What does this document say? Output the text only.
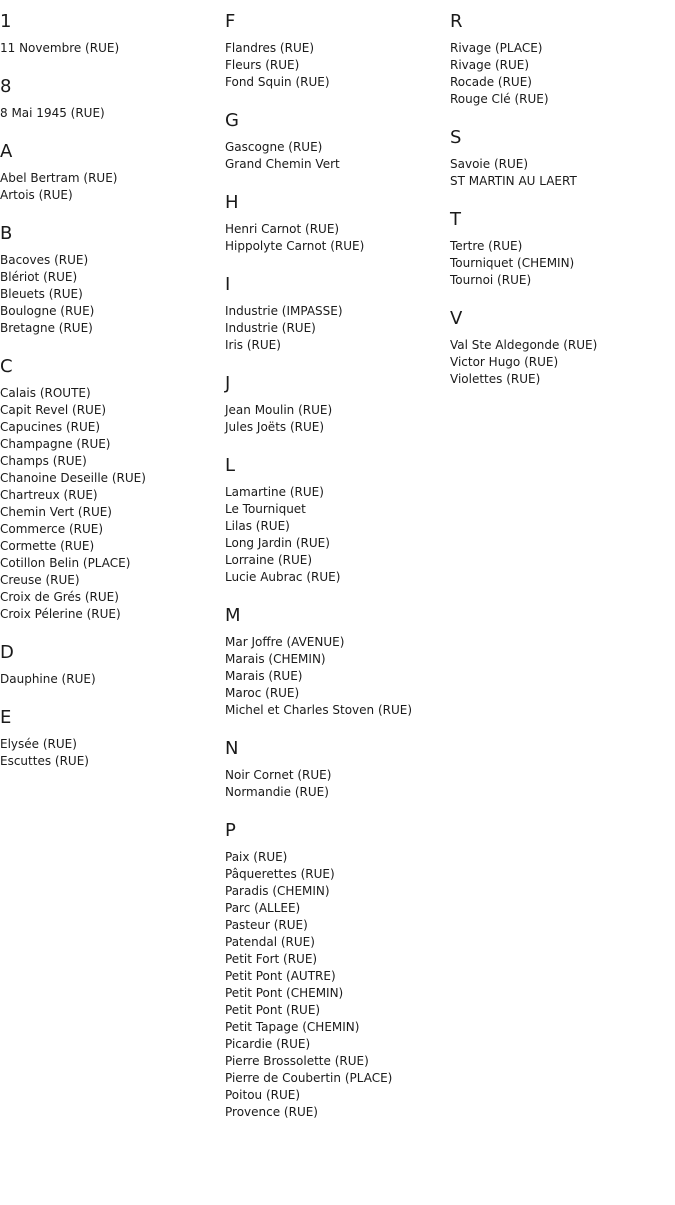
1
11 Novembre (RUE)
8
8 Mai 1945 (RUE)
A
Abel Bertram (RUE)
Artois (RUE)
B
Bacoves (RUE)
Blériot (RUE)
Bleuets (RUE)
Boulogne (RUE)
Bretagne (RUE)
C
Calais (ROUTE)
Capit Revel (RUE)
Capucines (RUE)
Champagne (RUE)
Champs (RUE)
Chanoine Deseille (RUE)
Chartreux (RUE)
Chemin Vert (RUE)
Commerce (RUE)
Cormette (RUE)
Cotillon Belin (PLACE)
Creuse (RUE)
Croix de Grés (RUE)
Croix Pélerine (RUE)
D
Dauphine (RUE)
E
Elysée (RUE)
Escuttes (RUE)
F
Flandres (RUE)
Fleurs (RUE)
Fond Squin (RUE)
G
Gascogne (RUE)
Grand Chemin Vert
H
Henri Carnot (RUE)
Hippolyte Carnot (RUE)
I
Industrie (IMPASSE)
Industrie (RUE)
Iris (RUE)
J
Jean Moulin (RUE)
Jules Joëts (RUE)
L
Lamartine (RUE)
Le Tourniquet
Lilas (RUE)
Long Jardin (RUE)
Lorraine (RUE)
Lucie Aubrac (RUE)
M
Mar Joffre (AVENUE)
Marais (CHEMIN)
Marais (RUE)
Maroc (RUE)
Michel et Charles Stoven (RUE)
N
Noir Cornet (RUE)
Normandie (RUE)
P
Paix (RUE)
Pâquerettes (RUE)
Paradis (CHEMIN)
Parc (ALLEE)
Pasteur (RUE)
Patendal (RUE)
Petit Fort (RUE)
Petit Pont (AUTRE)
Petit Pont (CHEMIN)
Petit Pont (RUE)
Petit Tapage (CHEMIN)
Picardie (RUE)
Pierre Brossolette (RUE)
Pierre de Coubertin (PLACE)
Poitou (RUE)
Provence (RUE)
R
Rivage (PLACE)
Rivage (RUE)
Rocade (RUE)
Rouge Clé (RUE)
S
Savoie (RUE)
ST MARTIN AU LAERT
T
Tertre (RUE)
Tourniquet (CHEMIN)
Tournoi (RUE)
V
Val Ste Aldegonde (RUE)
Victor Hugo (RUE)
Violettes (RUE)
